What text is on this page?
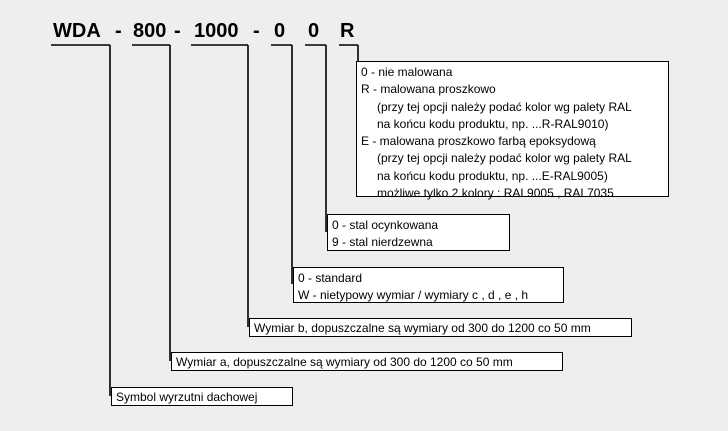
WDA - 800 - 1000 - 0 0 R
0 - nie malowana
R - malowana proszkowo
(przy tej opcji należy podać kolor wg palety RAL
na końcu kodu produktu, np. ...R-RAL9010)
E - malowana proszkowo farbą epoksydową
(przy tej opcji należy podać kolor wg palety RAL
na końcu kodu produktu, np. ...E-RAL9005)
możliwe tylko 2 kolory : RAL9005 , RAL7035
0 - stal ocynkowana
9 - stal nierdzewna
0 - standard
W - nietypowy wymiar / wymiary c , d , e , h
Wymiar b, dopuszczalne są wymiary od 300 do 1200 co 50 mm
Wymiar a, dopuszczalne są wymiary od 300 do 1200 co 50 mm
Symbol wyrzutni dachowej
